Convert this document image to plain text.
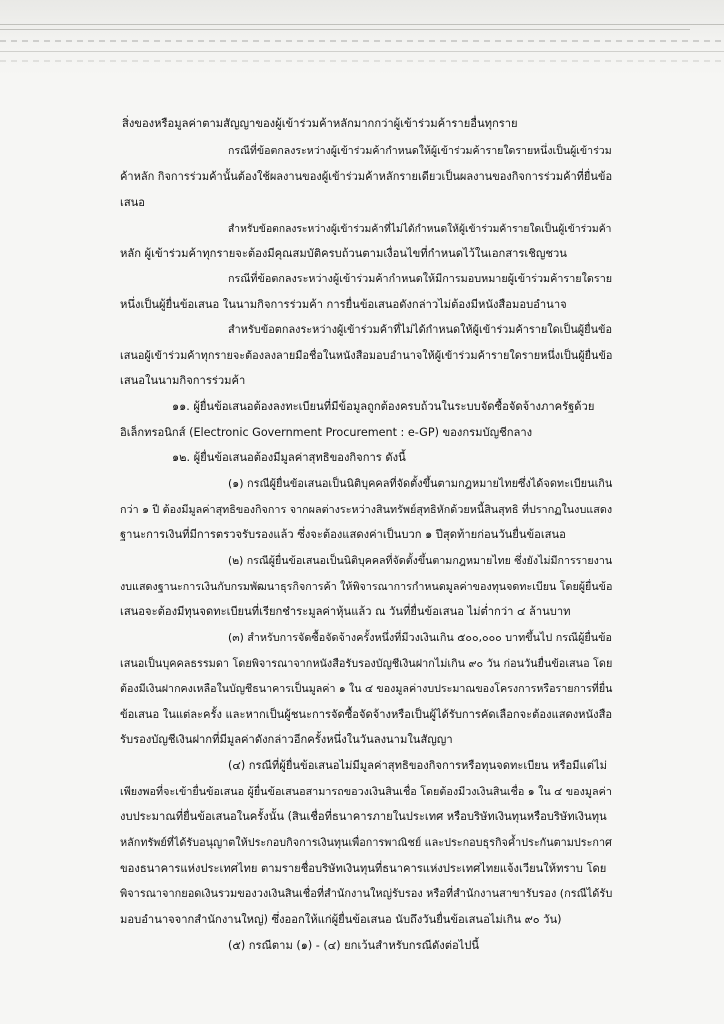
สิ่งของหรือมูลค่าตามสัญญาของผู้เข้าร่วมค้าหลักมากกว่าผู้เข้าร่วมค้ารายอื่นทุกราย
กรณีที่ข้อตกลงระหว่างผู้เข้าร่วมค้ากำหนดให้ผู้เข้าร่วมค้ารายใดรายหนึ่งเป็นผู้เข้าร่วม
ค้าหลัก กิจการร่วมค้านั้นต้องใช้ผลงานของผู้เข้าร่วมค้าหลักรายเดียวเป็นผลงานของกิจการร่วมค้าที่ยื่นข้อ
เสนอ
สำหรับข้อตกลงระหว่างผู้เข้าร่วมค้าที่ไม่ได้กำหนดให้ผู้เข้าร่วมค้ารายใดเป็นผู้เข้าร่วมค้า
หลัก ผู้เข้าร่วมค้าทุกรายจะต้องมีคุณสมบัติครบถ้วนตามเงื่อนไขที่กำหนดไว้ในเอกสารเชิญชวน
กรณีที่ข้อตกลงระหว่างผู้เข้าร่วมค้ากำหนดให้มีการมอบหมายผู้เข้าร่วมค้ารายใดราย
หนึ่งเป็นผู้ยื่นข้อเสนอ ในนามกิจการร่วมค้า การยื่นข้อเสนอดังกล่าวไม่ต้องมีหนังสือมอบอำนาจ
สำหรับข้อตกลงระหว่างผู้เข้าร่วมค้าที่ไม่ได้กำหนดให้ผู้เข้าร่วมค้ารายใดเป็นผู้ยื่นข้อ
เสนอผู้เข้าร่วมค้าทุกรายจะต้องลงลายมือชื่อในหนังสือมอบอำนาจให้ผู้เข้าร่วมค้ารายใดรายหนึ่งเป็นผู้ยื่นข้อ
เสนอในนามกิจการร่วมค้า
๑๑. ผู้ยื่นข้อเสนอต้องลงทะเบียนที่มีข้อมูลถูกต้องครบถ้วนในระบบจัดซื้อจัดจ้างภาครัฐด้วย
อิเล็กทรอนิกส์ (Electronic Government Procurement : e-GP) ของกรมบัญชีกลาง
๑๒. ผู้ยื่นข้อเสนอต้องมีมูลค่าสุทธิของกิจการ ดังนี้
(๑) กรณีผู้ยื่นข้อเสนอเป็นนิติบุคคลที่จัดตั้งขึ้นตามกฎหมายไทยซึ่งได้จดทะเบียนเกิน
กว่า ๑ ปี ต้องมีมูลค่าสุทธิของกิจการ จากผลต่างระหว่างสินทรัพย์สุทธิหักด้วยหนี้สินสุทธิ ที่ปรากฏในงบแสดง
ฐานะการเงินที่มีการตรวจรับรองแล้ว ซึ่งจะต้องแสดงค่าเป็นบวก ๑ ปีสุดท้ายก่อนวันยื่นข้อเสนอ
(๒) กรณีผู้ยื่นข้อเสนอเป็นนิติบุคคลที่จัดตั้งขึ้นตามกฎหมายไทย ซึ่งยังไม่มีการรายงาน
งบแสดงฐานะการเงินกับกรมพัฒนาธุรกิจการค้า ให้พิจารณาการกำหนดมูลค่าของทุนจดทะเบียน โดยผู้ยื่นข้อ
เสนอจะต้องมีทุนจดทะเบียนที่เรียกชำระมูลค่าหุ้นแล้ว ณ วันที่ยื่นข้อเสนอ ไม่ต่ำกว่า ๔ ล้านบาท
(๓) สำหรับการจัดซื้อจัดจ้างครั้งหนึ่งที่มีวงเงินเกิน ๕๐๐,๐๐๐ บาทขึ้นไป กรณีผู้ยื่นข้อ
เสนอเป็นบุคคลธรรมดา โดยพิจารณาจากหนังสือรับรองบัญชีเงินฝากไม่เกิน ๙๐ วัน ก่อนวันยื่นข้อเสนอ โดย
ต้องมีเงินฝากคงเหลือในบัญชีธนาคารเป็นมูลค่า ๑ ใน ๔ ของมูลค่างบประมาณของโครงการหรือรายการที่ยื่น
ข้อเสนอ ในแต่ละครั้ง และหากเป็นผู้ชนะการจัดซื้อจัดจ้างหรือเป็นผู้ได้รับการคัดเลือกจะต้องแสดงหนังสือ
รับรองบัญชีเงินฝากที่มีมูลค่าดังกล่าวอีกครั้งหนึ่งในวันลงนามในสัญญา
(๔) กรณีที่ผู้ยื่นข้อเสนอไม่มีมูลค่าสุทธิของกิจการหรือทุนจดทะเบียน หรือมีแต่ไม่
เพียงพอที่จะเข้ายื่นข้อเสนอ ผู้ยื่นข้อเสนอสามารถขอวงเงินสินเชื่อ โดยต้องมีวงเงินสินเชื่อ ๑ ใน ๔ ของมูลค่า
งบประมาณที่ยื่นข้อเสนอในครั้งนั้น (สินเชื่อที่ธนาคารภายในประเทศ หรือบริษัทเงินทุนหรือบริษัทเงินทุน
หลักทรัพย์ที่ได้รับอนุญาตให้ประกอบกิจการเงินทุนเพื่อการพาณิชย์ และประกอบธุรกิจค้ำประกันตามประกาศ
ของธนาคารแห่งประเทศไทย ตามรายชื่อบริษัทเงินทุนที่ธนาคารแห่งประเทศไทยแจ้งเวียนให้ทราบ โดย
พิจารณาจากยอดเงินรวมของวงเงินสินเชื่อที่สำนักงานใหญ่รับรอง หรือที่สำนักงานสาขารับรอง (กรณีได้รับ
มอบอำนาจจากสำนักงานใหญ่) ซึ่งออกให้แก่ผู้ยื่นข้อเสนอ นับถึงวันยื่นข้อเสนอไม่เกิน ๙๐ วัน)
(๕) กรณีตาม (๑) - (๔) ยกเว้นสำหรับกรณีดังต่อไปนี้
